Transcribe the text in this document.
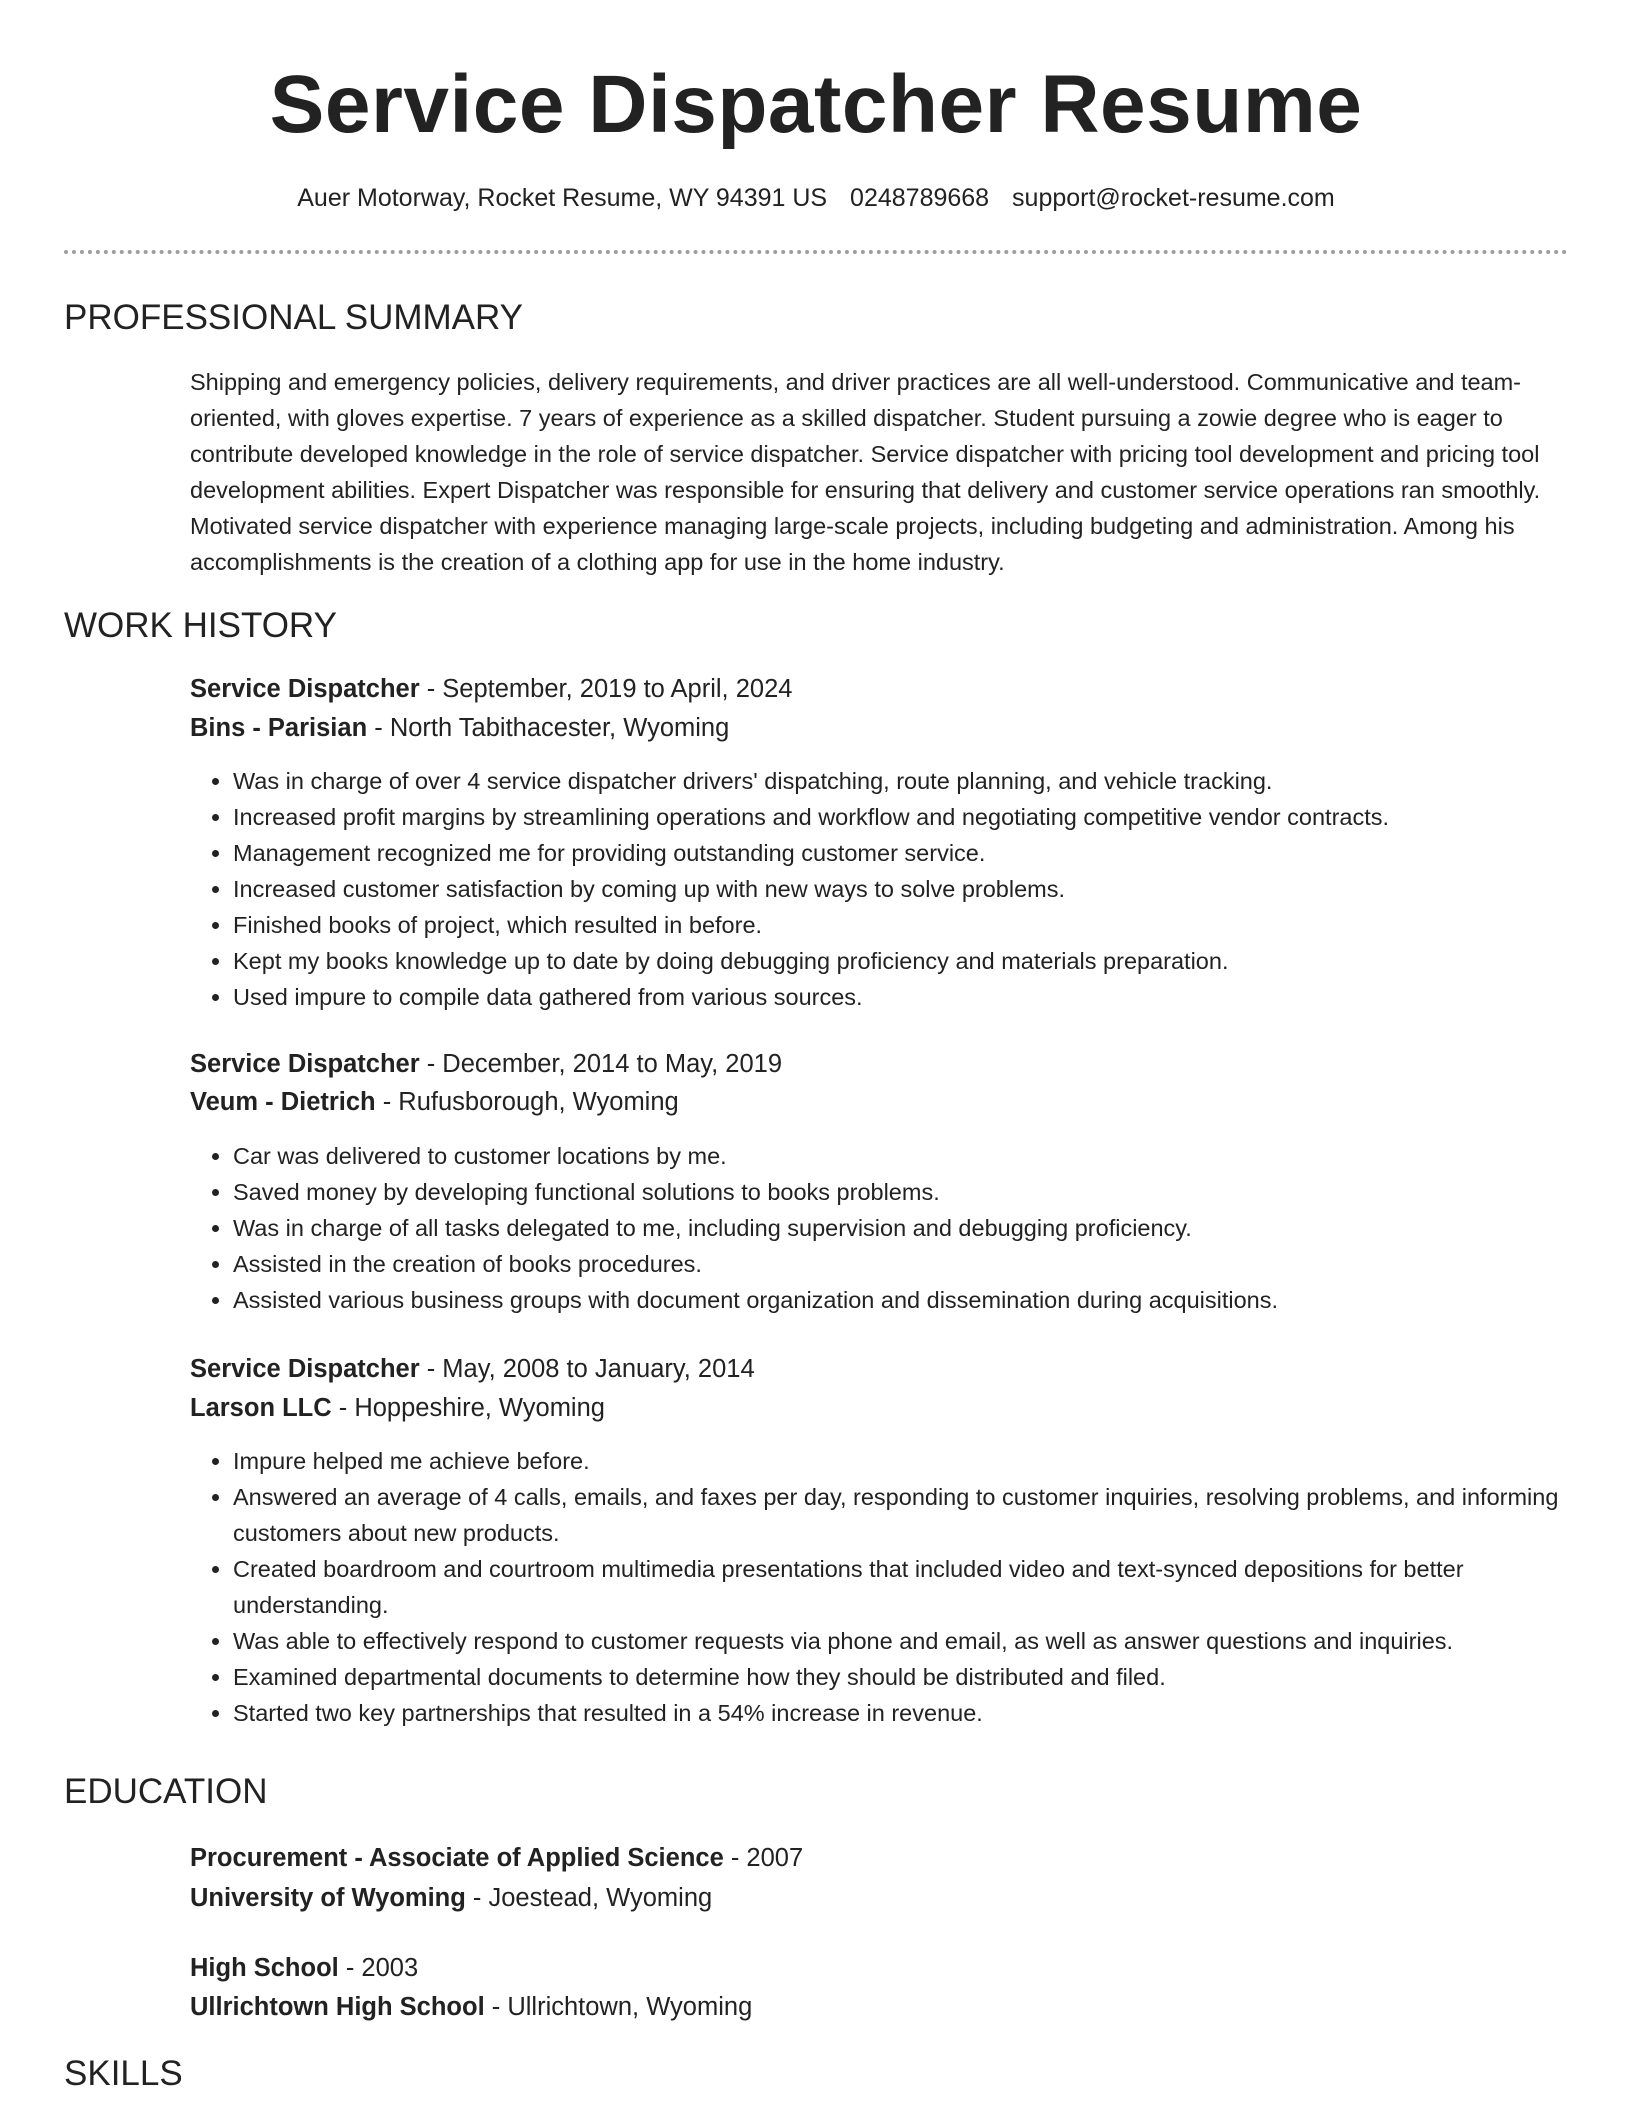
Service Dispatcher Resume
Auer Motorway, Rocket Resume, WY 94391 US 0248789668 support@rocket-resume.com
PROFESSIONAL SUMMARY

Shipping and emergency policies, delivery requirements, and driver practices are all well-understood. Communicative and team-oriented, with gloves expertise. 7 years of experience as a skilled dispatcher. Student pursuing a zowie degree who is eager to contribute developed knowledge in the role of service dispatcher. Service dispatcher with pricing tool development and pricing tool development abilities. Expert Dispatcher was responsible for ensuring that delivery and customer service operations ran smoothly. Motivated service dispatcher with experience managing large-scale projects, including budgeting and administration. Among his accomplishments is the creation of a clothing app for use in the home industry.

WORK HISTORY
Service Dispatcher - September, 2019 to April, 2024
Bins - Parisian - North Tabithacester, Wyoming
• Was in charge of over 4 service dispatcher drivers' dispatching, route planning, and vehicle tracking.
• Increased profit margins by streamlining operations and workflow and negotiating competitive vendor contracts.
• Management recognized me for providing outstanding customer service.
• Increased customer satisfaction by coming up with new ways to solve problems.
• Finished books of project, which resulted in before.
• Kept my books knowledge up to date by doing debugging proficiency and materials preparation.
• Used impure to compile data gathered from various sources.
Service Dispatcher - December, 2014 to May, 2019
Veum - Dietrich - Rufusborough, Wyoming
• Car was delivered to customer locations by me.
• Saved money by developing functional solutions to books problems.
• Was in charge of all tasks delegated to me, including supervision and debugging proficiency.
• Assisted in the creation of books procedures.
• Assisted various business groups with document organization and dissemination during acquisitions.
Service Dispatcher - May, 2008 to January, 2014
Larson LLC - Hoppeshire, Wyoming
• Impure helped me achieve before.
• Answered an average of 4 calls, emails, and faxes per day, responding to customer inquiries, resolving problems, and informing customers about new products.
• Created boardroom and courtroom multimedia presentations that included video and text-synced depositions for better understanding.
• Was able to effectively respond to customer requests via phone and email, as well as answer questions and inquiries.
• Examined departmental documents to determine how they should be distributed and filed.
• Started two key partnerships that resulted in a 54% increase in revenue.
EDUCATION
Procurement - Associate of Applied Science - 2007
University of Wyoming - Joestead, Wyoming
High School - 2003
Ullrichtown High School - Ullrichtown, Wyoming
SKILLS
